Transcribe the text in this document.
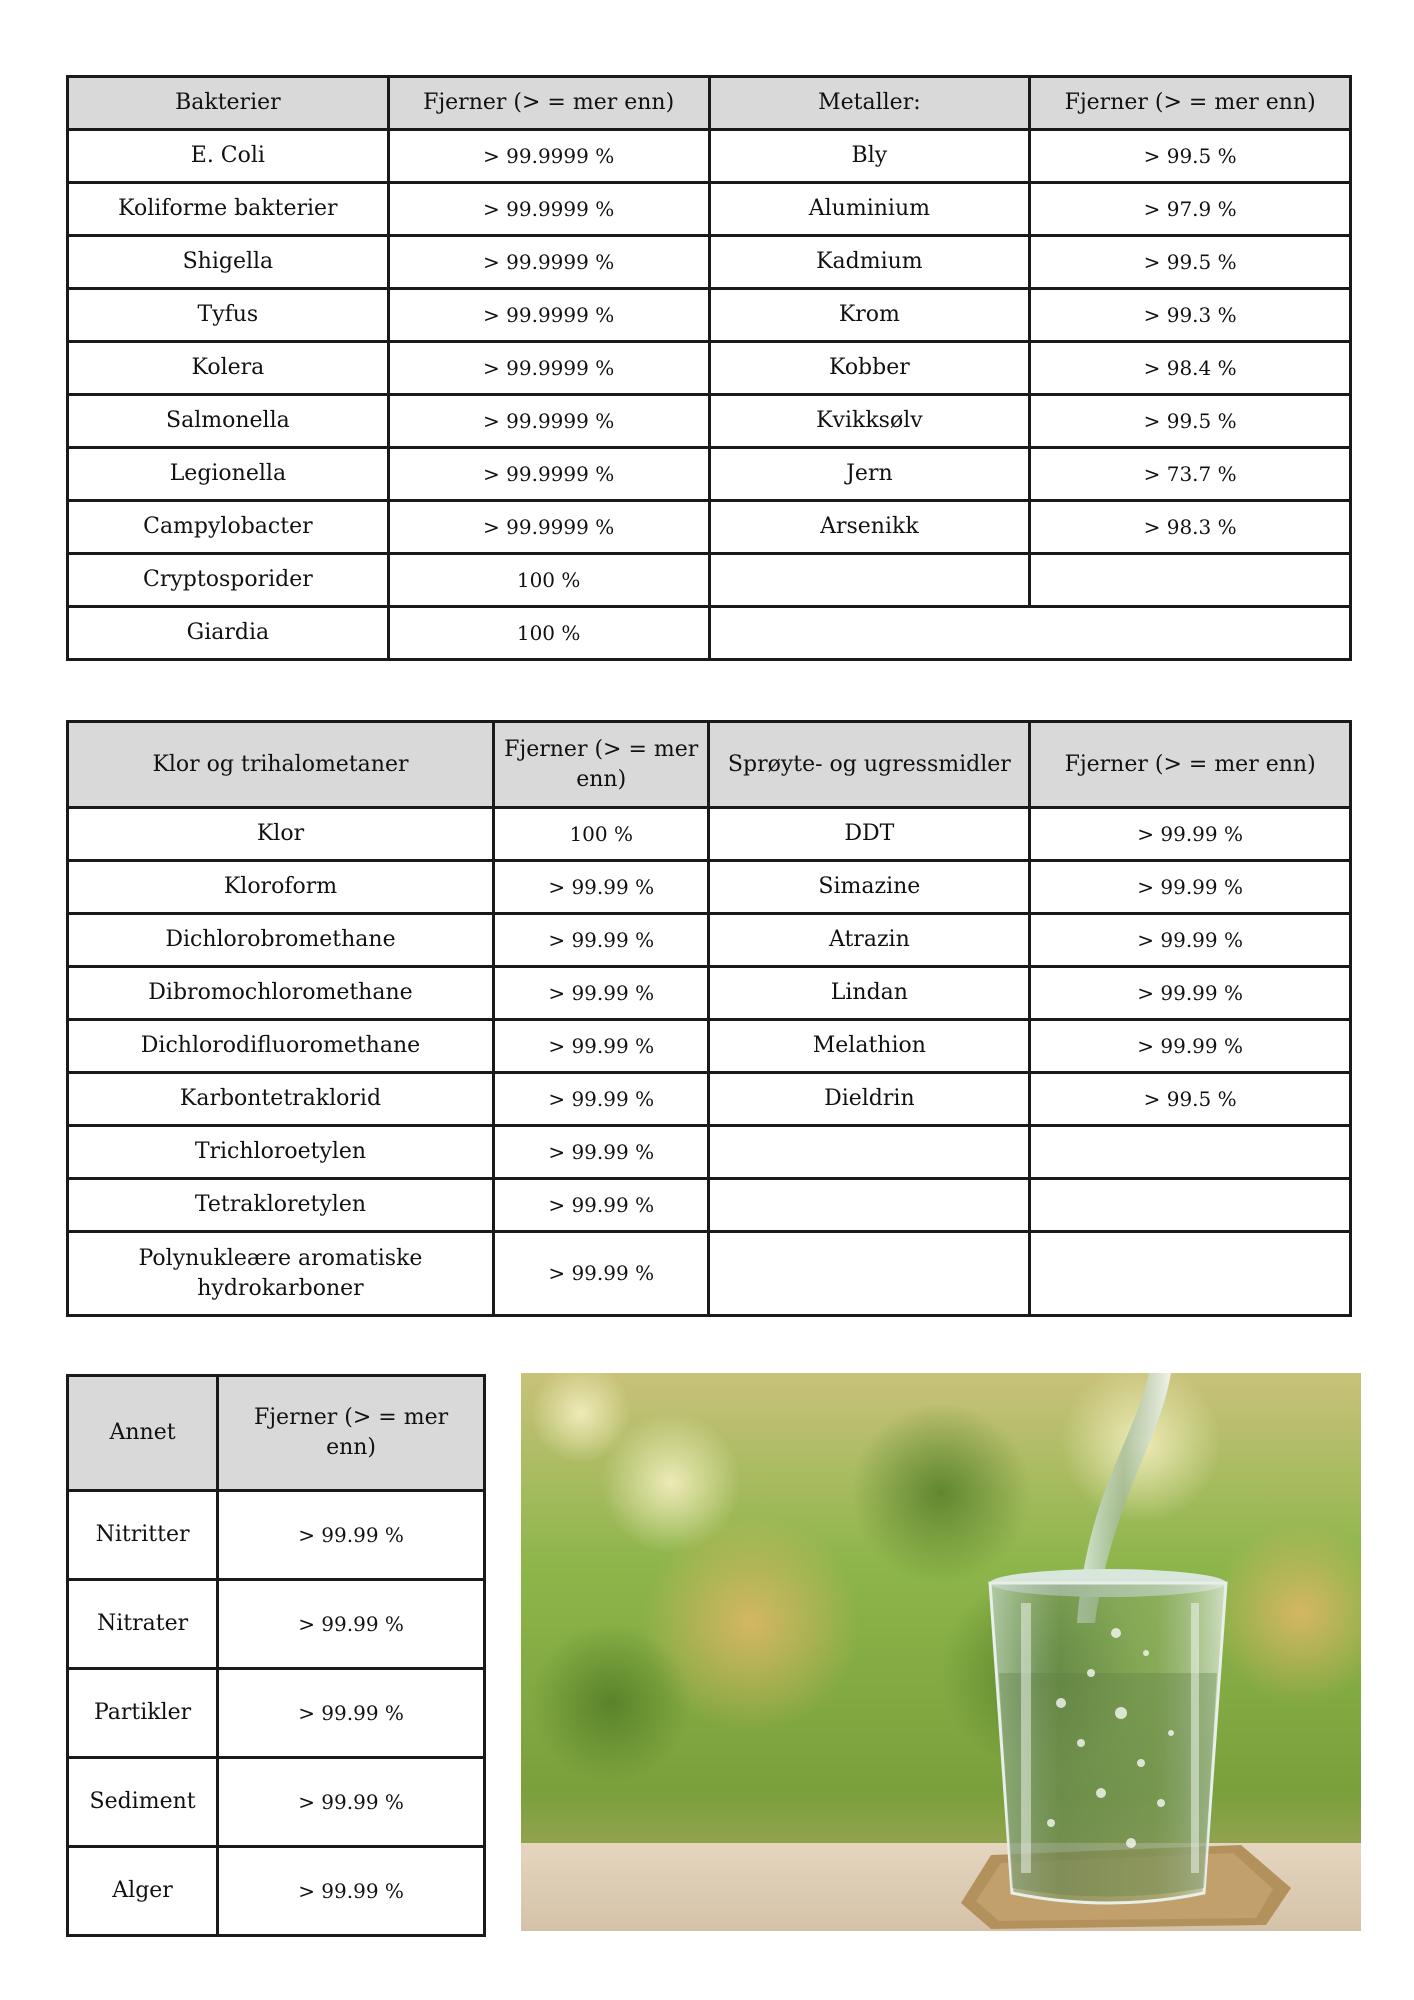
Bakterier	Fjerner (> = mer enn)	Metaller:	Fjerner (> = mer enn)
E. Coli	> 99.9999 %	Bly	> 99.5 %
Koliforme bakterier	> 99.9999 %	Aluminium	> 97.9 %
Shigella	> 99.9999 %	Kadmium	> 99.5 %
Tyfus	> 99.9999 %	Krom	> 99.3 %
Kolera	> 99.9999 %	Kobber	> 98.4 %
Salmonella	> 99.9999 %	Kvikksølv	> 99.5 %
Legionella	> 99.9999 %	Jern	> 73.7 %
Campylobacter	> 99.9999 %	Arsenikk	> 98.3 %
Cryptosporider	100 %		
Giardia	100 %		
Klor og trihalometaner	Fjerner (> = mer enn)	Sprøyte- og ugressmidler	Fjerner (> = mer enn)
Klor	100 %	DDT	> 99.99 %
Kloroform	> 99.99 %	Simazine	> 99.99 %
Dichlorobromethane	> 99.99 %	Atrazin	> 99.99 %
Dibromochloromethane	> 99.99 %	Lindan	> 99.99 %
Dichlorodifluoromethane	> 99.99 %	Melathion	> 99.99 %
Karbontetraklorid	> 99.99 %	Dieldrin	> 99.5 %
Trichloroetylen	> 99.99 %		
Tetrakloretylen	> 99.99 %		
Polynukleære aromatiske hydrokarboner	> 99.99 %		
Annet	Fjerner (> = mer enn)
Nitritter	> 99.99 %
Nitrater	> 99.99 %
Partikler	> 99.99 %
Sediment	> 99.99 %
Alger	> 99.99 %
